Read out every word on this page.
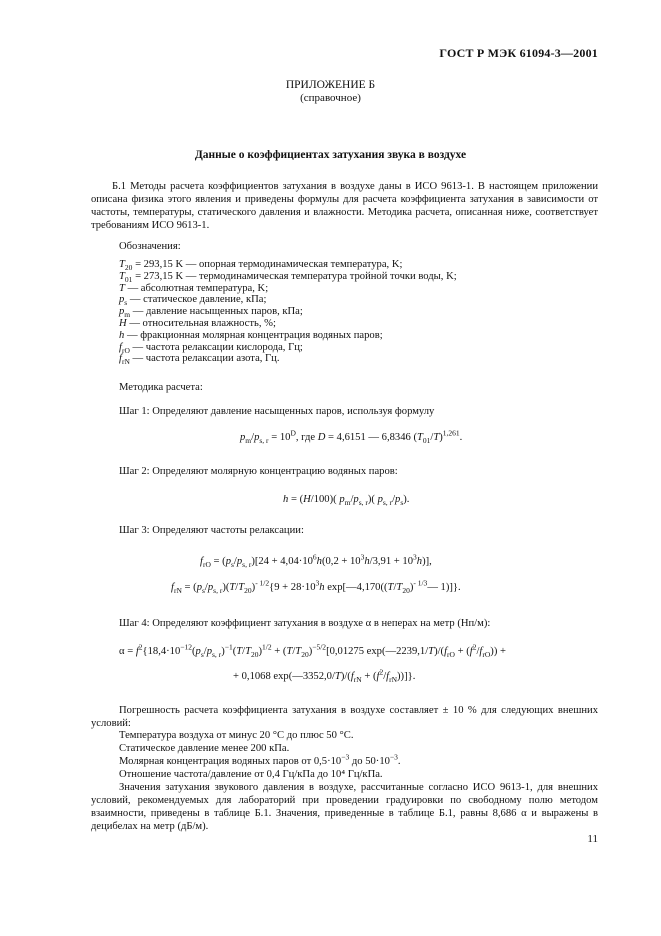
ГОСТ Р МЭК 61094-3—2001
ПРИЛОЖЕНИЕ Б
(справочное)
Данные о коэффициентах затухания звука в воздухе
Б.1 Методы расчета коэффициентов затухания в воздухе даны в ИСО 9613-1. В настоящем приложении описана физика этого явления и приведены формулы для расчета коэффициента затухания в зависимости от частоты, температуры, статического давления и влажности. Методика расчета, описанная ниже, соответствует требованиям ИСО 9613-1.
Обозначения:
$T_{20} = 293,15$ K — опорная термодинамическая температура, K;
$T_{01} = 273,15$ K — термодинамическая температура тройной точки воды, K;
T — абсолютная температура, K;
$p_s$ — статическое давление, кПа;
$p_m$ — давление насыщенных паров, кПа;
H — относительная влажность, %;
h — фракционная молярная концентрация водяных паров;
$f_{rO}$ — частота релаксации кислорода, Гц;
$f_{rN}$ — частота релаксации азота, Гц.
Методика расчета:
Шаг 1: Определяют давление насыщенных паров, используя формулу
$p_m/p_{s, r} = 10^D$, где D = 4,6151 — 6,8346 $(T_{01}/T)^{1,261}$.
Шаг 2: Определяют молярную концентрацию водяных паров:
h = (H/100)( $p_m/p_{s, r}$)( $p_{s, r}/p_s$).
Шаг 3: Определяют частоты релаксации:
$f_{rO} = (p_s/p_{s, r})[24 + 4,04\cdot 10^6h(0,2 + 10^3h/3,91 + 10^3h)]$,
$f_{rN} = (p_s/p_{s, r})(T/T_{20})^{- 1/2}\{9 + 28\cdot 10^3h$ $\exp[—4,170((T/T_{20})^{- 1/3}—$ 1)]}.
Шаг 4: Определяют коэффициент затухания в воздухе α в неперах на метр (Нп/м):
$\alpha = f^2\{18,4\cdot 10^{-12}(p_s/p_{s, r})^{-1}(T/T_{20})^{1/2} + (T/T_{20})^{-5/2}[0,01275$ $\exp(—2239,1/T)/(f_{rO} + (f^2/f_{rO}))$ +
+ 0,1068 $\exp(—3352,0/T)/(f_{rN} + (f^2/f_{rN}))$]}.
Погрешность расчета коэффициента затухания в воздухе составляет ± 10 % для следующих внешних условий:
Температура воздуха от минус 20 °C до плюс 50 °C.
Статическое давление менее 200 кПа.
Молярная концентрация водяных паров от $0,5\cdot 10^{-3}$ до $50\cdot 10^{-3}$.
Отношение частота/давление от 0,4 Гц/кПа до 10⁴ Гц/кПа.
Значения затухания звукового давления в воздухе, рассчитанные согласно ИСО 9613-1, для внешних условий, рекомендуемых для лабораторий при проведении градуировки по свободному полю методом взаимности, приведены в таблице Б.1. Значения, приведенные в таблице Б.1, равны 8,686 α и выражены в децибелах на метр (дБ/м).
11
